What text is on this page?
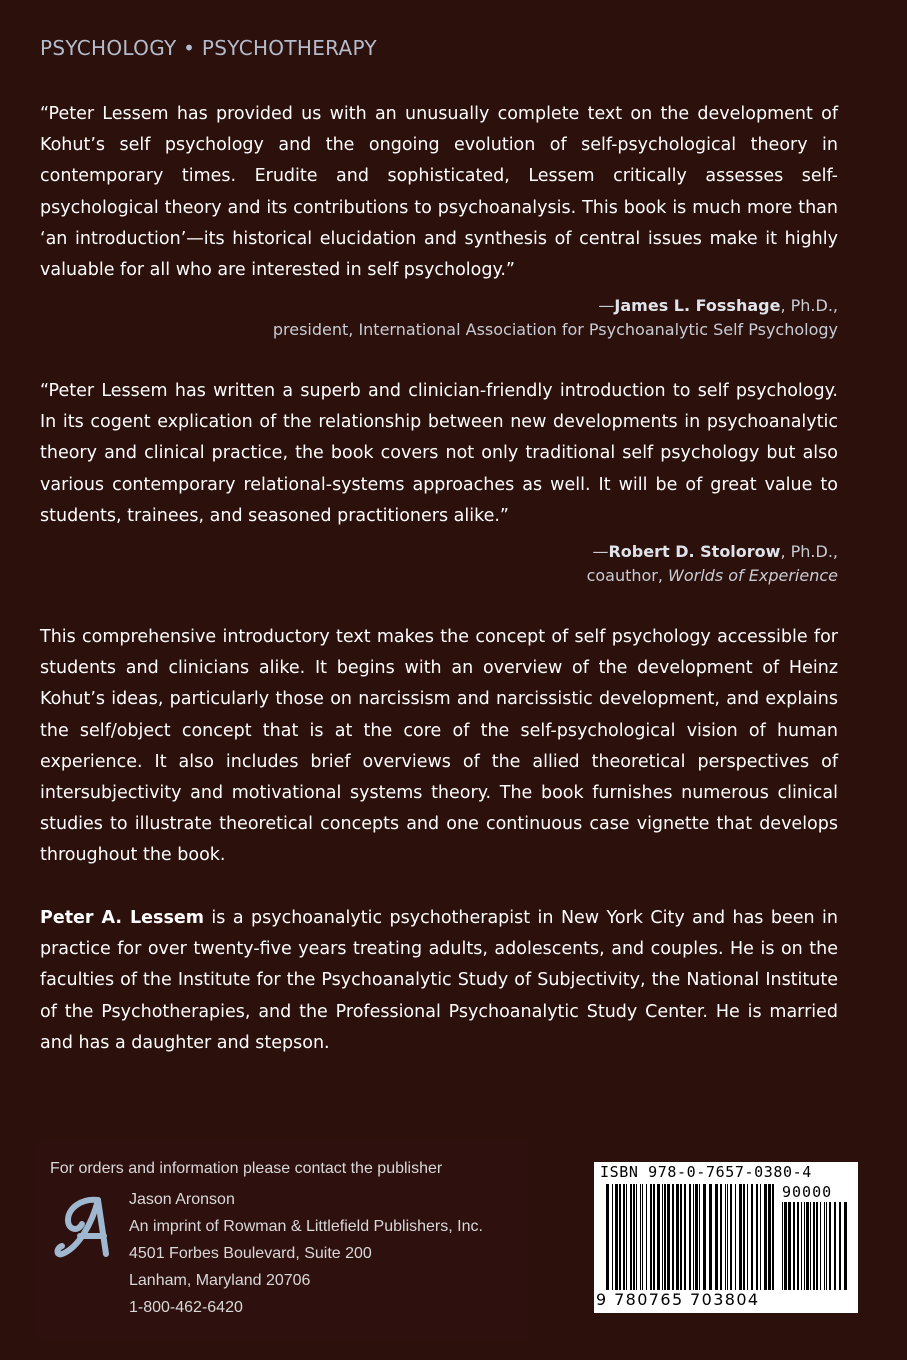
PSYCHOLOGY • PSYCHOTHERAPY

“Peter Lessem has provided us with an unusually complete text on the development of Kohut’s self psychology and the ongoing evolution of self-psychological theory in contemporary times. Erudite and sophisticated, Lessem critically assesses self-psychological theory and its contributions to psychoanalysis. This book is much more than ‘an introduction’—its historical elucidation and synthesis of central issues make it highly valuable for all who are interested in self psychology.”

—James L. Fosshage, Ph.D.,
president, International Association for Psychoanalytic Self Psychology

“Peter Lessem has written a superb and clinician-friendly introduction to self psychology. In its cogent explication of the relationship between new developments in psychoanalytic theory and clinical practice, the book covers not only traditional self psychology but also various contemporary relational-systems approaches as well. It will be of great value to students, trainees, and seasoned practitioners alike.”

—Robert D. Stolorow, Ph.D.,
coauthor, Worlds of Experience

This comprehensive introductory text makes the concept of self psychology accessible for students and clinicians alike. It begins with an overview of the development of Heinz Kohut’s ideas, particularly those on narcissism and narcissistic development, and explains the self/object concept that is at the core of the self-psychological vision of human experience. It also includes brief overviews of the allied theoretical perspectives of intersubjectivity and motivational systems theory. The book furnishes numerous clinical studies to illustrate theoretical concepts and one continuous case vignette that develops throughout the book.

Peter A. Lessem is a psychoanalytic psychotherapist in New York City and has been in practice for over twenty-five years treating adults, adolescents, and couples. He is on the faculties of the Institute for the Psychoanalytic Study of Subjectivity, the National Institute of the Psychotherapies, and the Professional Psychoanalytic Study Center. He is married and has a daughter and stepson.

For orders and information please contact the publisher
Jason Aronson
An imprint of Rowman & Littlefield Publishers, Inc.
4501 Forbes Boulevard, Suite 200
Lanham, Maryland 20706
1-800-462-6420
ISBN 978-0-7657-0380-4
90000
9 780765 703804
